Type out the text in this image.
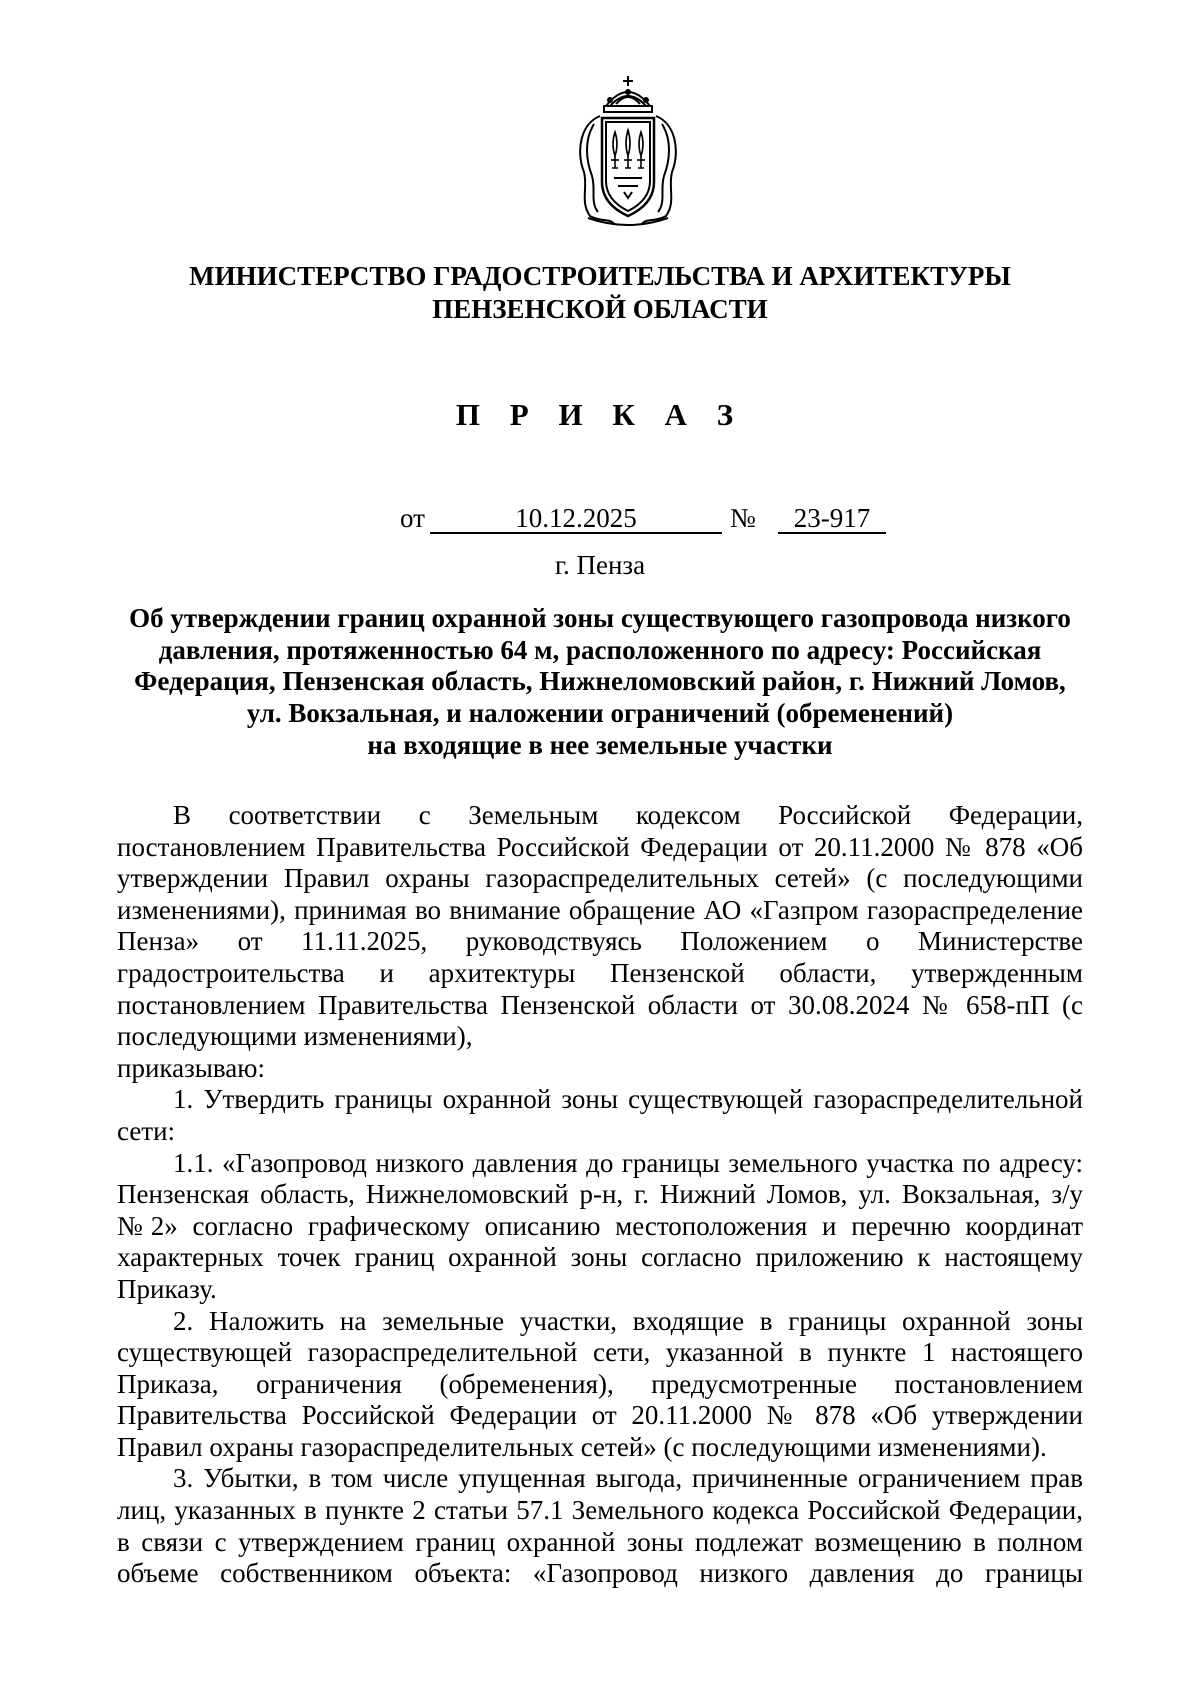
МИНИСТЕРСТВО ГРАДОСТРОИТЕЛЬСТВА И АРХИТЕКТУРЫ
ПЕНЗЕНСКОЙ ОБЛАСТИ
П Р И К А З
от	10.12.2025	№	23-917
г. Пенза
Об утверждении границ охранной зоны существующего газопровода низкого
давления, протяженностью 64 м, расположенного по адресу: Российская
Федерация, Пензенская область, Нижнеломовский район, г. Нижний Ломов,
ул. Вокзальная, и наложении ограничений (обременений)
на входящие в нее земельные участки

В соответствии с Земельным кодексом Российской Федерации, постановлением Правительства Российской Федерации от 20.11.2000 № 878 «Об утверждении Правил охраны газораспределительных сетей» (с последующими изменениями), принимая во внимание обращение АО «Газпром газораспределение Пенза» от 11.11.2025, руководствуясь Положением о Министерстве градостроительства и архитектуры Пензенской области, утвержденным постановлением Правительства Пензенской области от 30.08.2024 № 658-пП (с последующими изменениями),

приказываю:

1. Утвердить границы охранной зоны существующей газораспределительной сети:

1.1. «Газопровод низкого давления до границы земельного участка по адресу: Пензенская область, Нижнеломовский р-н, г. Нижний Ломов, ул. Вокзальная, з/у №2» согласно графическому описанию местоположения и перечню координат характерных точек границ охранной зоны согласно приложению к настоящему Приказу.

2. Наложить на земельные участки, входящие в границы охранной зоны существующей газораспределительной сети, указанной в пункте 1 настоящего Приказа, ограничения (обременения), предусмотренные постановлением Правительства Российской Федерации от 20.11.2000 № 878 «Об утверждении Правил охраны газораспределительных сетей» (с последующими изменениями).

3. Убытки, в том числе упущенная выгода, причиненные ограничением прав лиц, указанных в пункте 2 статьи 57.1 Земельного кодекса Российской Федерации, в связи с утверждением границ охранной зоны подлежат возмещению в полном объеме собственником объекта: «Газопровод низкого давления до границы
